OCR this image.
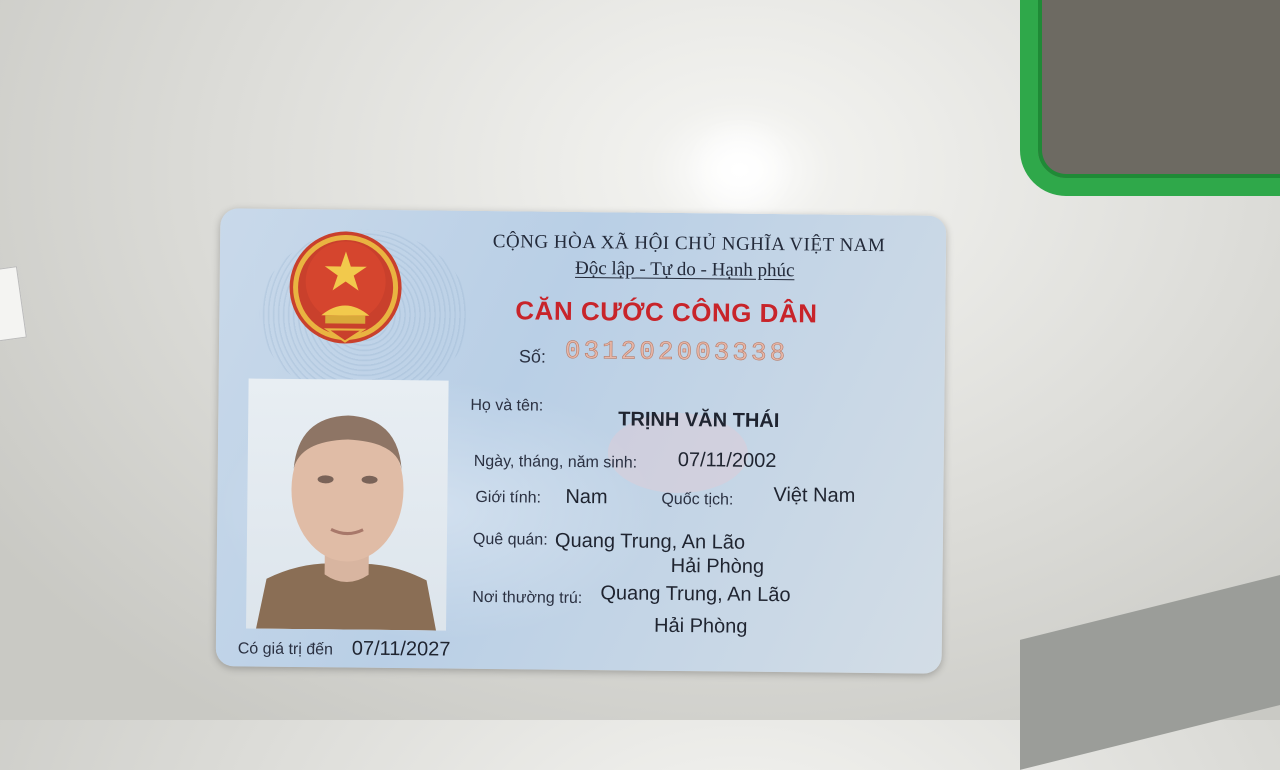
CỘNG HÒA XÃ HỘI CHỦ NGHĨA VIỆT NAM
Độc lập - Tự do - Hạnh phúc
CĂN CƯỚC CÔNG DÂN
Số: 031202003338
Họ và tên:
TRỊNH VĂN THÁI
Ngày, tháng, năm sinh: 07/11/2002
Giới tính: Nam	Quốc tịch: Việt Nam
Quê quán: Quang Trung, An Lão
Hải Phòng
Nơi thường trú: Quang Trung, An Lão
Hải Phòng
Có giá trị đến 07/11/2027
